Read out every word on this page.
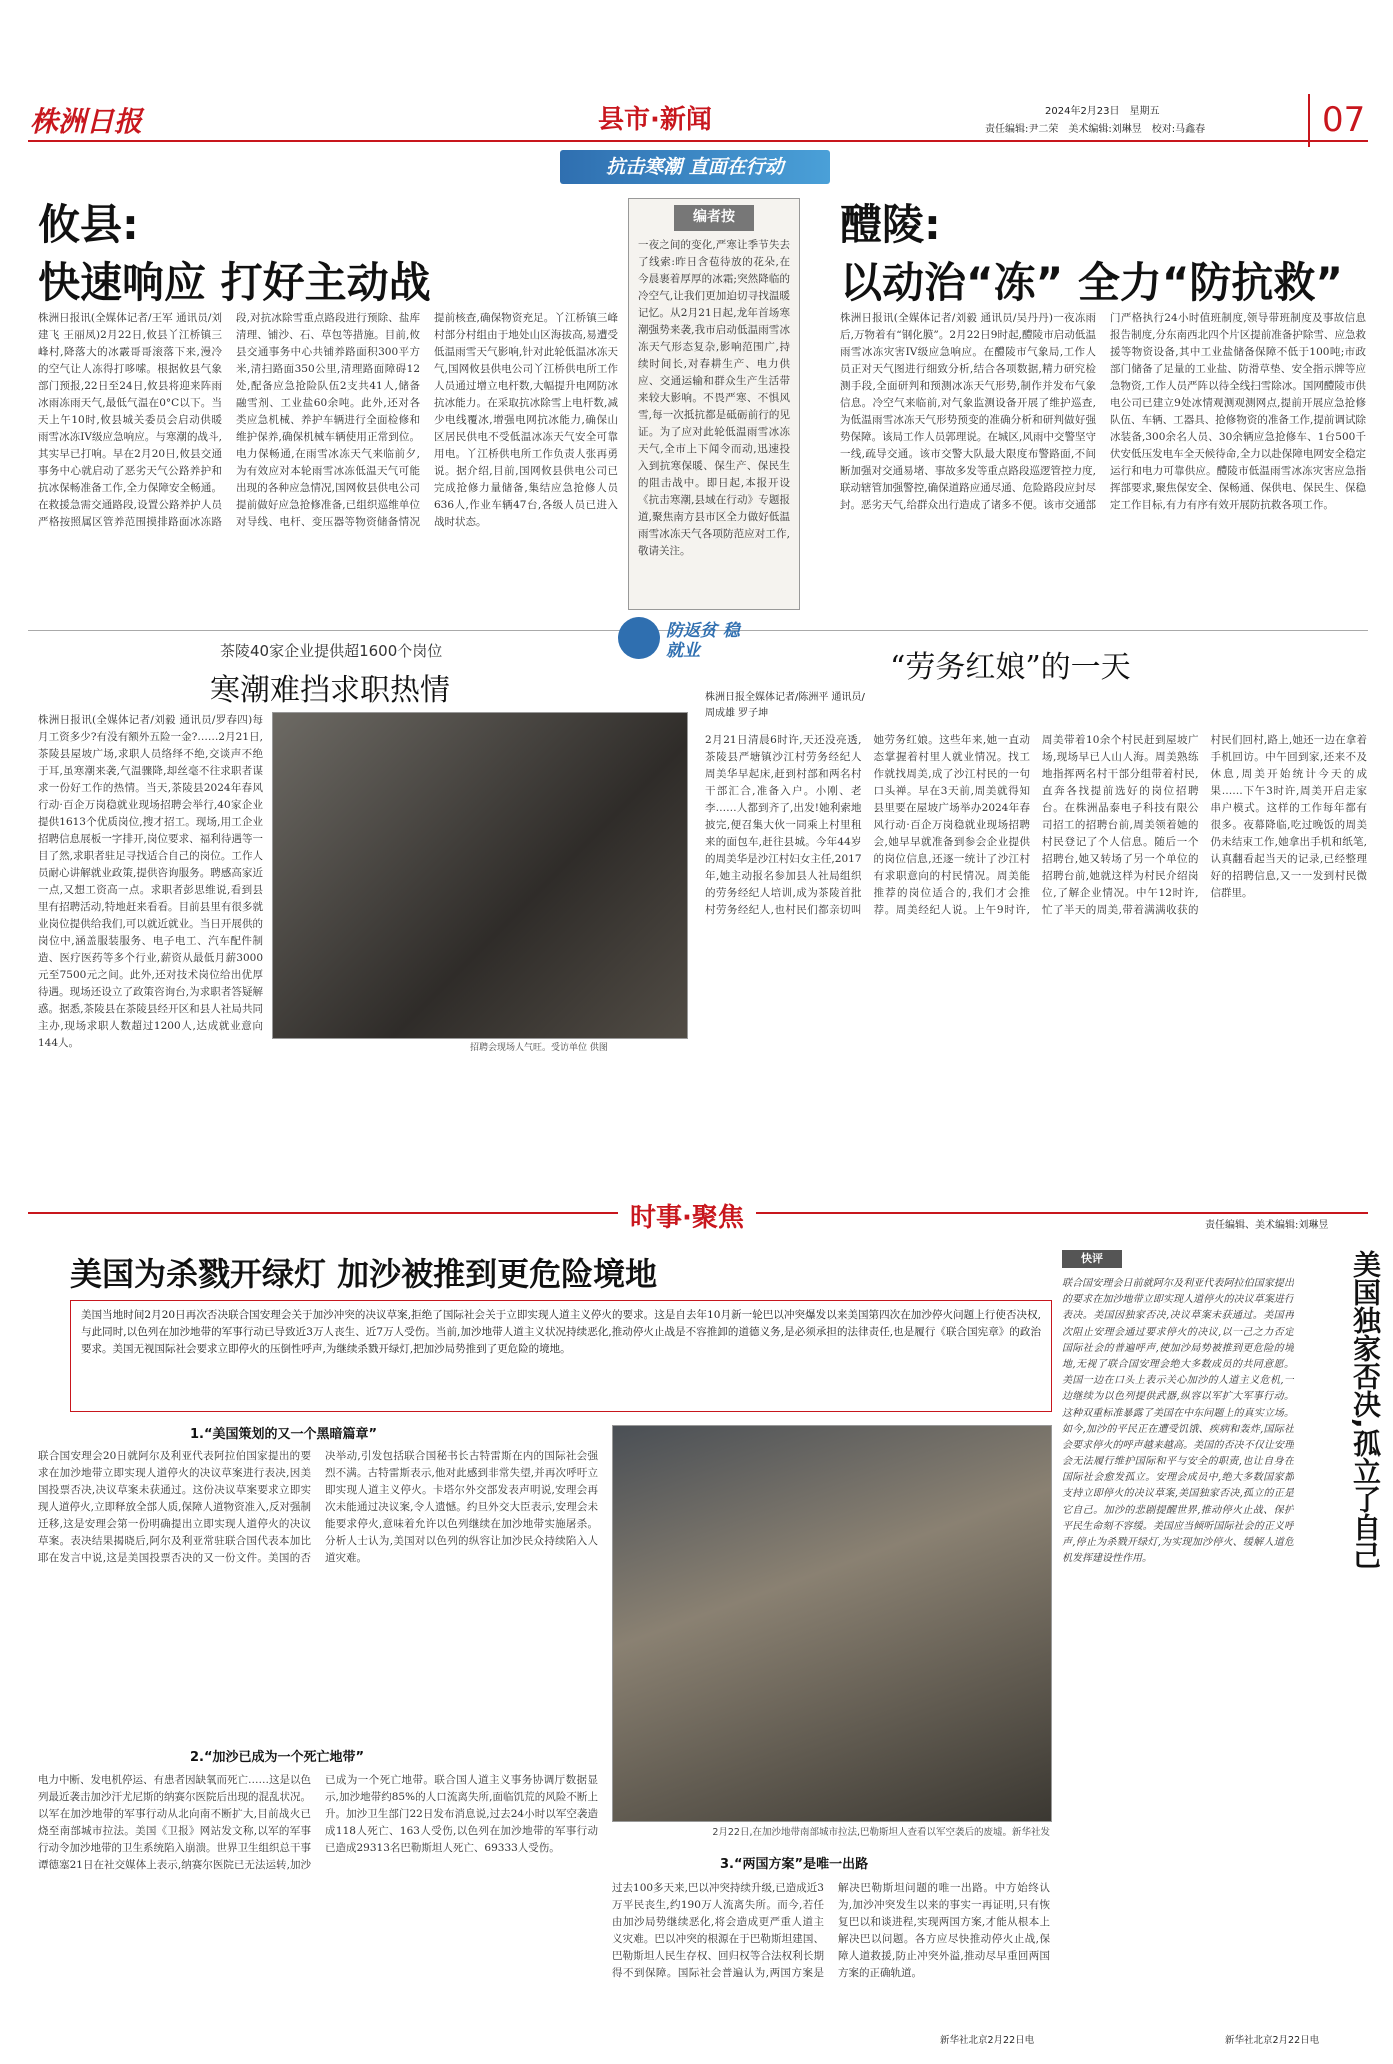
株洲日报	县市·新闻	2024年2月23日　星期五
责任编辑:尹二荣　美术编辑:刘琳昱　校对:马鑫春	07
抗击寒潮 直面在行动
攸县:
快速响应 打好主动战
株洲日报讯(全媒体记者/王军 通讯员/刘建飞 王丽凤)2月22日,攸县丫江桥镇三峰村,降落大的冰霰哥哥滚落下来,漫冷的空气让人冻得打哆嗦。根据攸县气象部门预报,22日至24日,攸县将迎来阵雨冰雨冻雨天气,最低气温在0°C以下。当天上午10时,攸县城关委员会启动供暖雨雪冰冻IV级应急响应。与寒潮的战斗,其实早已打响。早在2月20日,攸县交通事务中心就启动了恶劣天气公路养护和抗冰保畅准备工作,全力保障安全畅通。在救援急需交通路段,设置公路养护人员严格按照属区管养范围摸排路面冰冻路段,对抗冰除雪重点路段进行预除、盐库清理、铺沙、石、草包等措施。目前,攸县交通事务中心共铺养路面积300平方米,清扫路面350公里,清理路面障碍12处,配备应急抢险队伍2支共41人,储备融雪剂、工业盐60余吨。此外,还对各类应急机械、养护车辆进行全面检修和维护保养,确保机械车辆使用正常到位。电力保畅通,在雨雪冰冻天气来临前夕,为有效应对本轮雨雪冰冻低温天气可能出现的各种应急情况,国网攸县供电公司提前做好应急抢修准备,已组织巡维单位对导线、电杆、变压器等物资储备情况提前核查,确保物资充足。丫江桥镇三峰村部分村组由于地处山区海拔高,易遭受低温雨雪天气影响,针对此轮低温冰冻天气,国网攸县供电公司丫江桥供电所工作人员通过增立电杆数,大幅提升电网防冰抗冰能力。在采取抗冰除雪上电杆数,减少电线覆冰,增强电网抗冰能力,确保山区居民供电不受低温冰冻天气安全可靠用电。丫江桥供电所工作负责人张再勇说。据介绍,目前,国网攸县供电公司已完成抢修力量储备,集结应急抢修人员636人,作业车辆47台,各级人员已进入战时状态。
编者按
一夜之间的变化,严寒让季节失去了线索:昨日含苞待放的花朵,在今晨裹着厚厚的冰霜;突然降临的冷空气,让我们更加迫切寻找温暖记忆。从2月21日起,龙年首场寒潮强势来袭,我市启动低温雨雪冰冻天气形态复杂,影响范围广,持续时间长,对春耕生产、电力供应、交通运输和群众生产生活带来较大影响。不畏严寒、不惧风雪,每一次抵抗都是砥砺前行的见证。为了应对此轮低温雨雪冰冻天气,全市上下闻令而动,迅速投入到抗寒保暖、保生产、保民生的阻击战中。即日起,本报开设《抗击寒潮,县域在行动》专题报道,聚焦南方县市区全力做好低温雨雪冰冻天气各项防范应对工作,敬请关注。
醴陵:
以动治“冻” 全力“防抗救”
株洲日报讯(全媒体记者/刘毅 通讯员/吴丹丹)一夜冻雨后,万物着有“钢化膜”。2月22日9时起,醴陵市启动低温雨雪冰冻灾害IV级应急响应。在醴陵市气象局,工作人员正对天气图进行细致分析,结合各项数据,精力研究检测手段,全面研判和预测冰冻天气形势,制作并发布气象信息。冷空气来临前,对气象监测设备开展了维护巡查,为低温雨雪冰冻天气形势预变的准确分析和研判做好强势保障。该局工作人员郭理说。在城区,风雨中交警坚守一线,疏导交通。该市交警大队最大限度布警路面,不间断加强对交通易堵、事故多发等重点路段巡逻管控力度,联动辖管加强警控,确保道路应通尽通、危险路段应封尽封。恶劣天气,给群众出行造成了诸多不便。该市交通部门严格执行24小时值班制度,领导带班制度及事故信息报告制度,分东南西北四个片区提前准备护除雪、应急救援等物资设备,其中工业盐储备保障不低于100吨;市政部门储备了足量的工业盐、防滑草垫、安全指示牌等应急物资,工作人员严阵以待全线扫雪除冰。国网醴陵市供电公司已建立9处冰情观测观测网点,提前开展应急抢修队伍、车辆、工器具、抢修物资的准备工作,提前调试除冰装备,300余名人员、30余辆应急抢修车、1台500千伏安低压发电车全天候待命,全力以赴保障电网安全稳定运行和电力可靠供应。醴陵市低温雨雪冰冻灾害应急指挥部要求,聚焦保安全、保畅通、保供电、保民生、保稳定工作目标,有力有序有效开展防抗救各项工作。
防返贫 稳就业
茶陵40家企业提供超1600个岗位
寒潮难挡求职热情
株洲日报讯(全媒体记者/刘毅 通讯员/罗春四)每月工资多少?有没有额外五险一金?……2月21日,茶陵县屋坡广场,求职人员络绎不绝,交谈声不绝于耳,虽寒潮来袭,气温骤降,却丝毫不往求职者谋求一份好工作的热情。当天,茶陵县2024年春风行动·百企万岗稳就业现场招聘会举行,40家企业提供1613个优质岗位,搜才招工。现场,用工企业招聘信息展板一字排开,岗位要求、福利待遇等一目了然,求职者驻足寻找适合自己的岗位。工作人员耐心讲解就业政策,提供咨询服务。聘感高家近一点,又想工资高一点。求职者彭思维说,看到县里有招聘活动,特地赶来看看。目前县里有很多就业岗位提供给我们,可以就近就业。当日开展供的岗位中,涵盖服装服务、电子电工、汽车配件制造、医疗医药等多个行业,薪资从最低月薪3000元至7500元之间。此外,还对技术岗位给出优厚待遇。现场还设立了政策咨询台,为求职者答疑解惑。据悉,茶陵县在茶陵县经开区和县人社局共同主办,现场求职人数超过1200人,达成就业意向144人。	招聘会现场人气旺。受访单位 供图
“劳务红娘”的一天
株洲日报全媒体记者/陈洲平 通讯员/周成雄 罗子坤
2月21日清晨6时许,天还没亮透,茶陵县严塘镇沙江村劳务经纪人周美华早起床,赶到村部和两名村干部汇合,准备入户。小刚、老李……人都到齐了,出发!她利索地披完,便召集大伙一同乘上村里租来的面包车,赶往县城。今年44岁的周美华是沙江村妇女主任,2017年,她主动报名参加县人社局组织的劳务经纪人培训,成为茶陵首批村劳务经纪人,也村民们都亲切叫她劳务红娘。这些年来,她一直动态掌握着村里人就业情况。找工作就找周美,成了沙江村民的一句口头禅。早在3天前,周美就得知县里要在屋坡广场举办2024年春风行动·百企万岗稳就业现场招聘会,她早早就准备到参会企业提供的岗位信息,还逐一统计了沙江村有求职意向的村民情况。周美能推荐的岗位适合的,我们才会推荐。周美经纪人说。上午9时许,周美带着10余个村民赶到屋坡广场,现场早已人山人海。周美熟练地指挥两名村干部分组带着村民,直奔各找提前选好的岗位招聘台。在株洲晶泰电子科技有限公司招工的招聘台前,周美领着她的村民登记了个人信息。随后一个招聘台,她又转场了另一个单位的招聘台前,她就这样为村民介绍岗位,了解企业情况。中午12时许,忙了半天的周美,带着满满收获的村民们回村,路上,她还一边在拿着手机回访。中午回到家,还来不及休息,周美开始统计今天的成果……下午3时许,周美开启走家串户模式。这样的工作每年都有很多。夜幕降临,吃过晚饭的周美仍未结束工作,她拿出手机和纸笔,认真翻看起当天的记录,已经整理好的招聘信息,又一一发到村民微信群里。
时事·聚焦	责任编辑、美术编辑:刘琳昱
美国为杀戮开绿灯 加沙被推到更危险境地
美国当地时间2月20日再次否决联合国安理会关于加沙冲突的决议草案,拒绝了国际社会关于立即实现人道主义停火的要求。这是自去年10月新一轮巴以冲突爆发以来美国第四次在加沙停火问题上行使否决权,与此同时,以色列在加沙地带的军事行动已导致近3万人丧生、近7万人受伤。当前,加沙地带人道主义状况持续恶化,推动停火止战是不容推卸的道德义务,是必须承担的法律责任,也是履行《联合国宪章》的政治要求。美国无视国际社会要求立即停火的压倒性呼声,为继续杀戮开绿灯,把加沙局势推到了更危险的境地。
1.“美国策划的又一个黑暗篇章”
联合国安理会20日就阿尔及利亚代表阿拉伯国家提出的要求在加沙地带立即实现人道停火的决议草案进行表决,因美国投票否决,决议草案未获通过。这份决议草案要求立即实现人道停火,立即释放全部人质,保障人道物资准入,反对强制迁移,这是安理会第一份明确提出立即实现人道停火的决议草案。表决结果揭晓后,阿尔及利亚常驻联合国代表本加比耶在发言中说,这是美国投票否决的又一份文件。美国的否决举动,引发包括联合国秘书长古特雷斯在内的国际社会强烈不满。古特雷斯表示,他对此感到非常失望,并再次呼吁立即实现人道主义停火。卡塔尔外交部发表声明说,安理会再次未能通过决议案,令人遗憾。约旦外交大臣表示,安理会未能要求停火,意味着允许以色列继续在加沙地带实施屠杀。分析人士认为,美国对以色列的纵容让加沙民众持续陷入人道灾难。
2.“加沙已成为一个死亡地带”
电力中断、发电机停运、有患者因缺氧而死亡……这是以色列最近袭击加沙汗尤尼斯的纳赛尔医院后出现的混乱状况。以军在加沙地带的军事行动从北向南不断扩大,目前战火已烧至南部城市拉法。美国《卫报》网站发文称,以军的军事行动令加沙地带的卫生系统陷入崩溃。世界卫生组织总干事谭德塞21日在社交媒体上表示,纳赛尔医院已无法运转,加沙已成为一个死亡地带。联合国人道主义事务协调厅数据显示,加沙地带约85%的人口流离失所,面临饥荒的风险不断上升。加沙卫生部门22日发布消息说,过去24小时以军空袭造成118人死亡、163人受伤,以色列在加沙地带的军事行动已造成29313名巴勒斯坦人死亡、69333人受伤。
2月22日,在加沙地带南部城市拉法,巴勒斯坦人查看以军空袭后的废墟。新华社发
3.“两国方案”是唯一出路
过去100多天来,巴以冲突持续升级,已造成近3万平民丧生,约190万人流离失所。而今,若任由加沙局势继续恶化,将会造成更严重人道主义灾难。巴以冲突的根源在于巴勒斯坦建国、巴勒斯坦人民生存权、回归权等合法权利长期得不到保障。国际社会普遍认为,两国方案是解决巴勒斯坦问题的唯一出路。中方始终认为,加沙冲突发生以来的事实一再证明,只有恢复巴以和谈进程,实现两国方案,才能从根本上解决巴以问题。各方应尽快推动停火止战,保障人道救援,防止冲突外溢,推动尽早重回两国方案的正确轨道。
新华社北京2月22日电
快评
联合国安理会日前就阿尔及利亚代表阿拉伯国家提出的要求在加沙地带立即实现人道停火的决议草案进行表决。美国因独家否决,决议草案未获通过。美国再次阻止安理会通过要求停火的决议,以一己之力否定国际社会的普遍呼声,使加沙局势被推到更危险的境地,无视了联合国安理会绝大多数成员的共同意愿。美国一边在口头上表示关心加沙的人道主义危机,一边继续为以色列提供武器,纵容以军扩大军事行动。这种双重标准暴露了美国在中东问题上的真实立场。如今,加沙的平民正在遭受饥饿、疾病和轰炸,国际社会要求停火的呼声越来越高。美国的否决不仅让安理会无法履行维护国际和平与安全的职责,也让自身在国际社会愈发孤立。安理会成员中,绝大多数国家都支持立即停火的决议草案,美国独家否决,孤立的正是它自己。加沙的悲剧提醒世界,推动停火止战、保护平民生命刻不容缓。美国应当倾听国际社会的正义呼声,停止为杀戮开绿灯,为实现加沙停火、缓解人道危机发挥建设性作用。	美国独家否决,孤立了自己
新华社北京2月22日电
